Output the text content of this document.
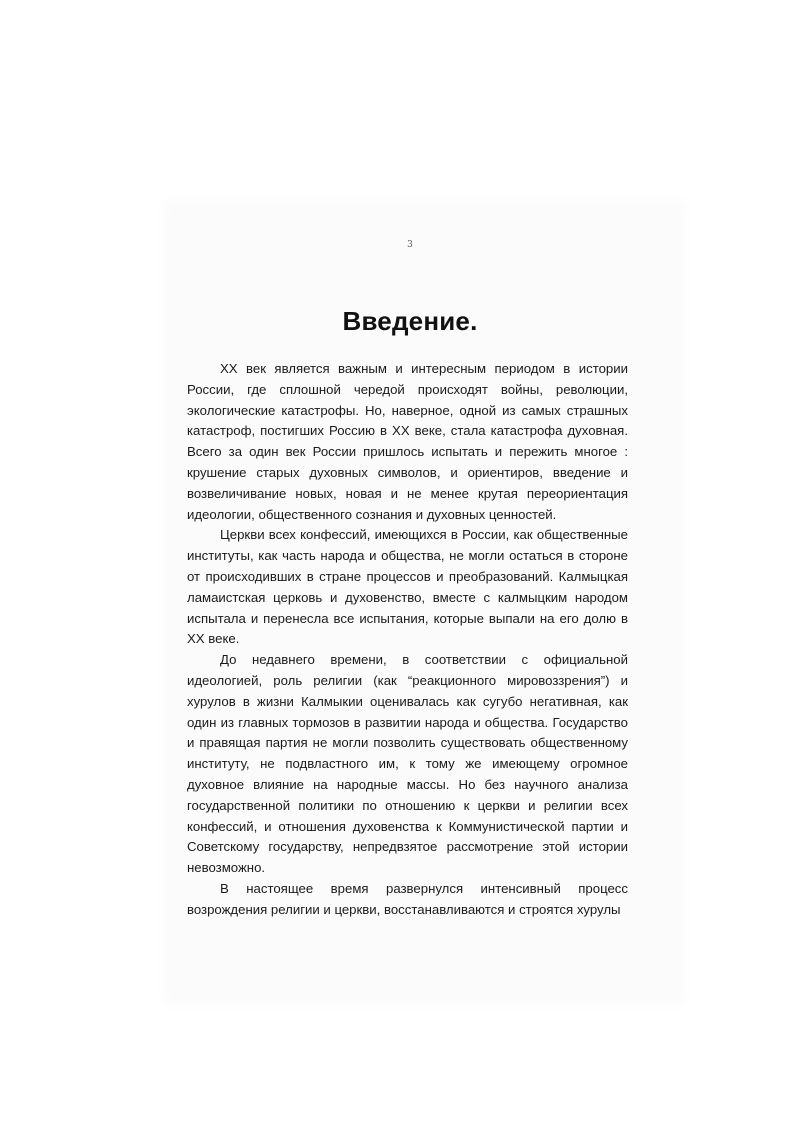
3
Введение.

XX век является важным и интересным периодом в истории России, где сплошной чередой происходят войны, революции, экологические катастрофы. Но, наверное, одной из самых страшных катастроф, постигших Россию в XX веке, стала катастрофа духовная. Всего за один век России пришлось испытать и пережить многое : крушение старых духовных символов, и ориентиров, введение и возвеличивание новых, новая и не менее крутая переориентация идеологии, общественного сознания и духовных ценностей.

Церкви всех конфессий, имеющихся в России, как общественные институты, как часть народа и общества, не могли остаться в стороне от происходивших в стране процессов и преобразований. Калмыцкая ламаистская церковь и духовенство, вместе с калмыцким народом испытала и перенесла все испытания, которые выпали на его долю в XX веке.

До недавнего времени, в соответствии с официальной идеологией, роль религии (как “реакционного мировоззрения”) и хурулов в жизни Калмыкии оценивалась как сугубо негативная, как один из главных тормозов в развитии народа и общества. Государство и правящая партия не могли позволить существовать общественному институту, не подвластного им, к тому же имеющему огромное духовное влияние на народные массы. Но без научного анализа государственной политики по отношению к церкви и религии всех конфессий, и отношения духовенства к Коммунистической партии и Советскому государству, непредвзятое рассмотрение этой истории невозможно.

В настоящее время развернулся интенсивный процесс возрождения религии и церкви, восстанавливаются и строятся хурулы
